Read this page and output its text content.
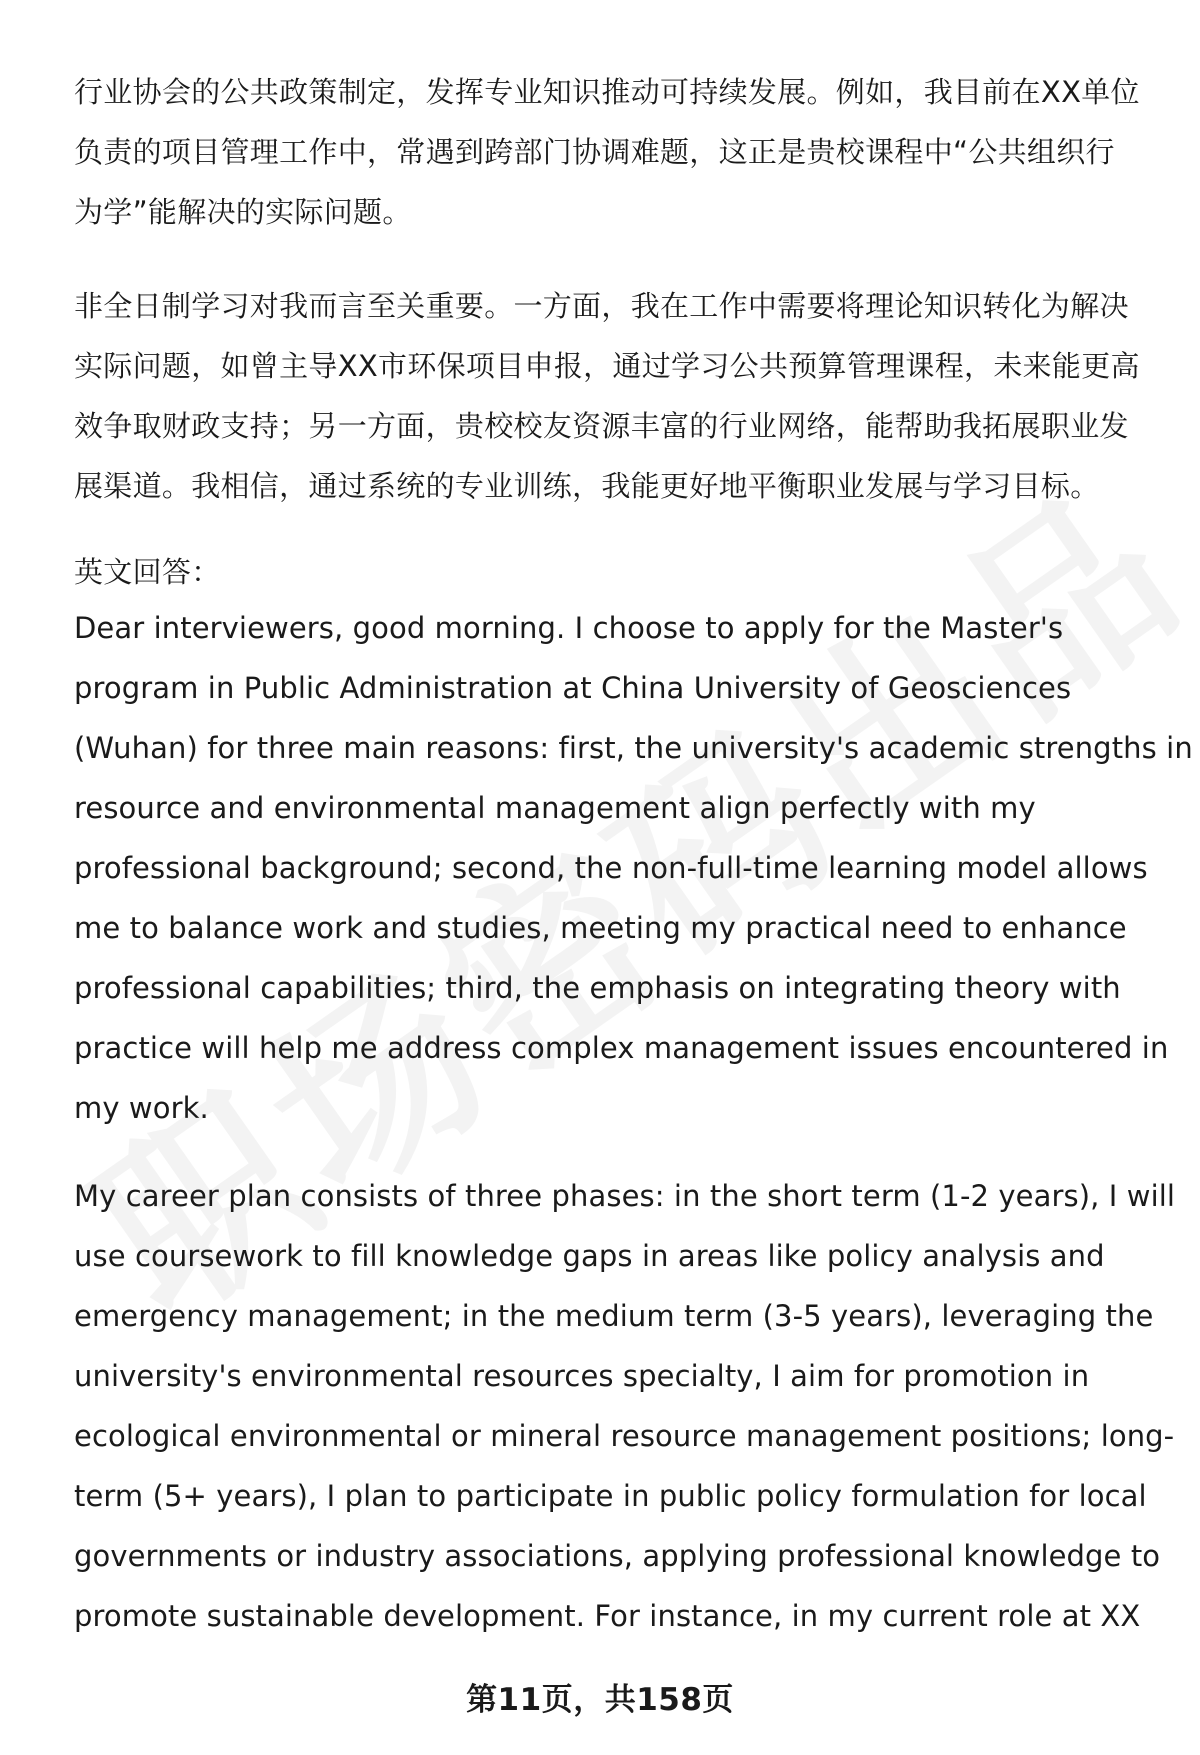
行业协会的公共政策制定，发挥专业知识推动可持续发展。例如，我目前在XX单位
负责的项目管理工作中，常遇到跨部门协调难题，这正是贵校课程中“公共组织行
为学”能解决的实际问题。

非全日制学习对我而言至关重要。一方面，我在工作中需要将理论知识转化为解决
实际问题，如曾主导XX市环保项目申报，通过学习公共预算管理课程，未来能更高
效争取财政支持；另一方面，贵校校友资源丰富的行业网络，能帮助我拓展职业发
展渠道。我相信，通过系统的专业训练，我能更好地平衡职业发展与学习目标。

英文回答：

Dear interviewers, good morning. I choose to apply for the Master's
program in Public Administration at China University of Geosciences
(Wuhan) for three main reasons: first, the university's academic strengths in
resource and environmental management align perfectly with my
professional background; second, the non-full-time learning model allows
me to balance work and studies, meeting my practical need to enhance
professional capabilities; third, the emphasis on integrating theory with
practice will help me address complex management issues encountered in
my work.

My career plan consists of three phases: in the short term (1-2 years), I will
use coursework to fill knowledge gaps in areas like policy analysis and
emergency management; in the medium term (3-5 years), leveraging the
university's environmental resources specialty, I aim for promotion in
ecological environmental or mineral resource management positions; long-
term (5+ years), I plan to participate in public policy formulation for local
governments or industry associations, applying professional knowledge to
promote sustainable development. For instance, in my current role at XX

第11页，共158页
